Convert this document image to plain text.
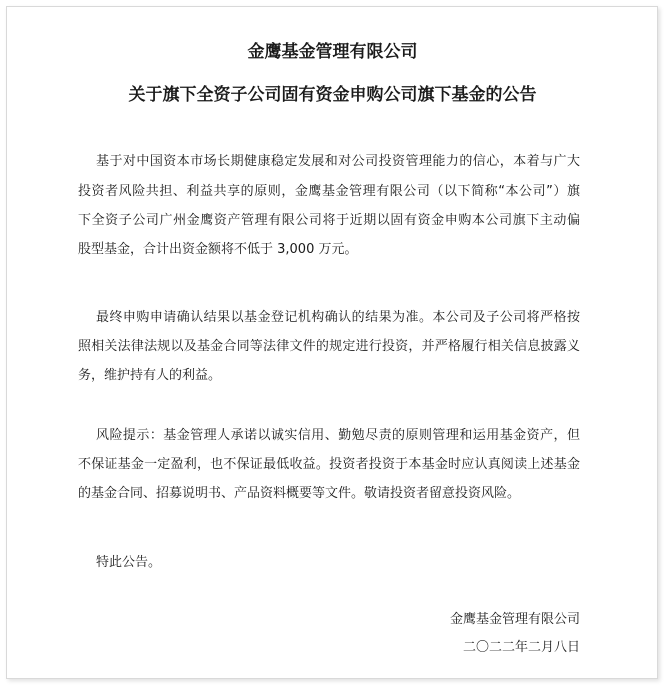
金鹰基金管理有限公司
关于旗下全资子公司固有资金申购公司旗下基金的公告
基于对中国资本市场长期健康稳定发展和对公司投资管理能力的信心，本着与广大
投资者风险共担、利益共享的原则，金鹰基金管理有限公司（以下简称“本公司”）旗
下全资子公司广州金鹰资产管理有限公司将于近期以固有资金申购本公司旗下主动偏
股型基金，合计出资金额将不低于 3,000 万元。
最终申购申请确认结果以基金登记机构确认的结果为准。本公司及子公司将严格按
照相关法律法规以及基金合同等法律文件的规定进行投资，并严格履行相关信息披露义
务，维护持有人的利益。
风险提示：基金管理人承诺以诚实信用、勤勉尽责的原则管理和运用基金资产，但
不保证基金一定盈利，也不保证最低收益。投资者投资于本基金时应认真阅读上述基金
的基金合同、招募说明书、产品资料概要等文件。敬请投资者留意投资风险。
特此公告。
金鹰基金管理有限公司
二〇二二年二月八日
